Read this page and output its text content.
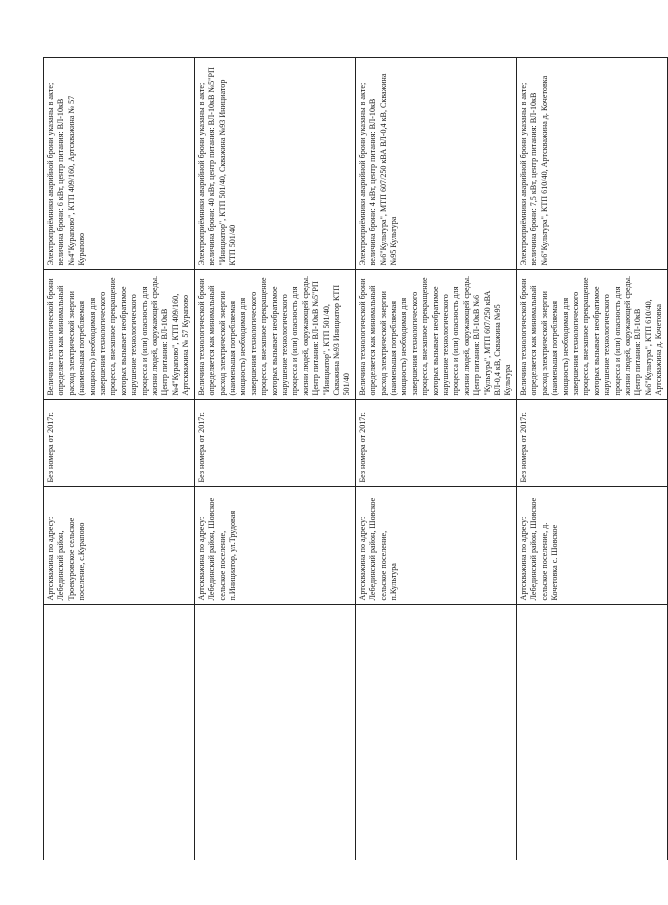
		Артскважина по адресу: Лебединский район, Троекуровское сельское поселение, с.Курапово	Без номера от 2017г.	Величина технологической брони определяется как минимальный расход электрической энергии (наименьшая потребляемая мощность) необходимая для завершения технологического процесса, внезапное прекращение которых вызывает необратимое нарушение технологического процесса и (или) опасность для жизни людей, окружающей среды. Центр питания: ВЛ-10кВ №4"Курапово", КТП 409/160, Артскважина № 57 Курапово	Электроприёмники аварийной брони указаны в акте; величина брони: 6 кВт, центр питания: ВЛ-10кВ №4"Курапово", КТП 409/160, Артскважина № 57 Курапово
		Артскважина по адресу: Лебединский район, Шовское сельское поселение, п.Инициатор, ул.Трудовая	Без номера от 2017г.	Величина технологической брони определяется как минимальный расход электрической энергии (наименьшая потребляемая мощность) необходимая для завершения технологического процесса, внезапное прекращение которых вызывает необратимое нарушение технологического процесса и (или) опасность для жизни людей, окружающей среды. Центр питания: ВЛ-10кВ №5"РП "Инициатор", КТП 501/40, Скважина №93 Инициатор КТП 501/40	Электроприёмники аварийной брони указаны в акте; величина брони: 40 кВт, центр питания: ВЛ-10кВ №5"РП "Инициатор", КТП 501/40, Скважина №93 Инициатор КТП 501/40
		Артскважина по адресу: Лебединский район, Шовское сельское поселение, п.Культура	Без номера от 2017г.	Величина технологической брони определяется как минимальный расход электрической энергии (наименьшая потребляемая мощность) необходимая для завершения технологического процесса, внезапное прекращение которых вызывает необратимое нарушение технологического процесса и (или) опасность для жизни людей, окружающей среды. Центр питания: ВЛ-10кВ №6 "Культура", МТП 607/250 кВА ВЛ-0,4 кВ, Скважина №95 Культура	Электроприёмники аварийной брони указаны в акте; величина брони: 4 кВт, центр питания: ВЛ-10кВ №6"Культура", МТП 607/250 кВА ВЛ-0,4 кВ, Скважина №95 Культура
		Артскважина по адресу: Лебединский район, Шовское сельское поселение, д. Кочетовка с. Шовское	Без номера от 2017г.	Величина технологической брони определяется как минимальный расход электрической энергии (наименьшая потребляемая мощность) необходимая для завершения технологического процесса, внезапное прекращение которых вызывает необратимое нарушение технологического процесса и (или) опасность для жизни людей, окружающей среды. Центр питания: ВЛ-10кВ №6"Культура", КТП 610/40, Артскважина д. Кочетовка	Электроприёмники аварийной брони указаны в акте; величина брони: 7,5 кВт, центр питания: ВЛ-10кВ №6"Культура", КТП 610/40, Артскважина д. Кочетовка
